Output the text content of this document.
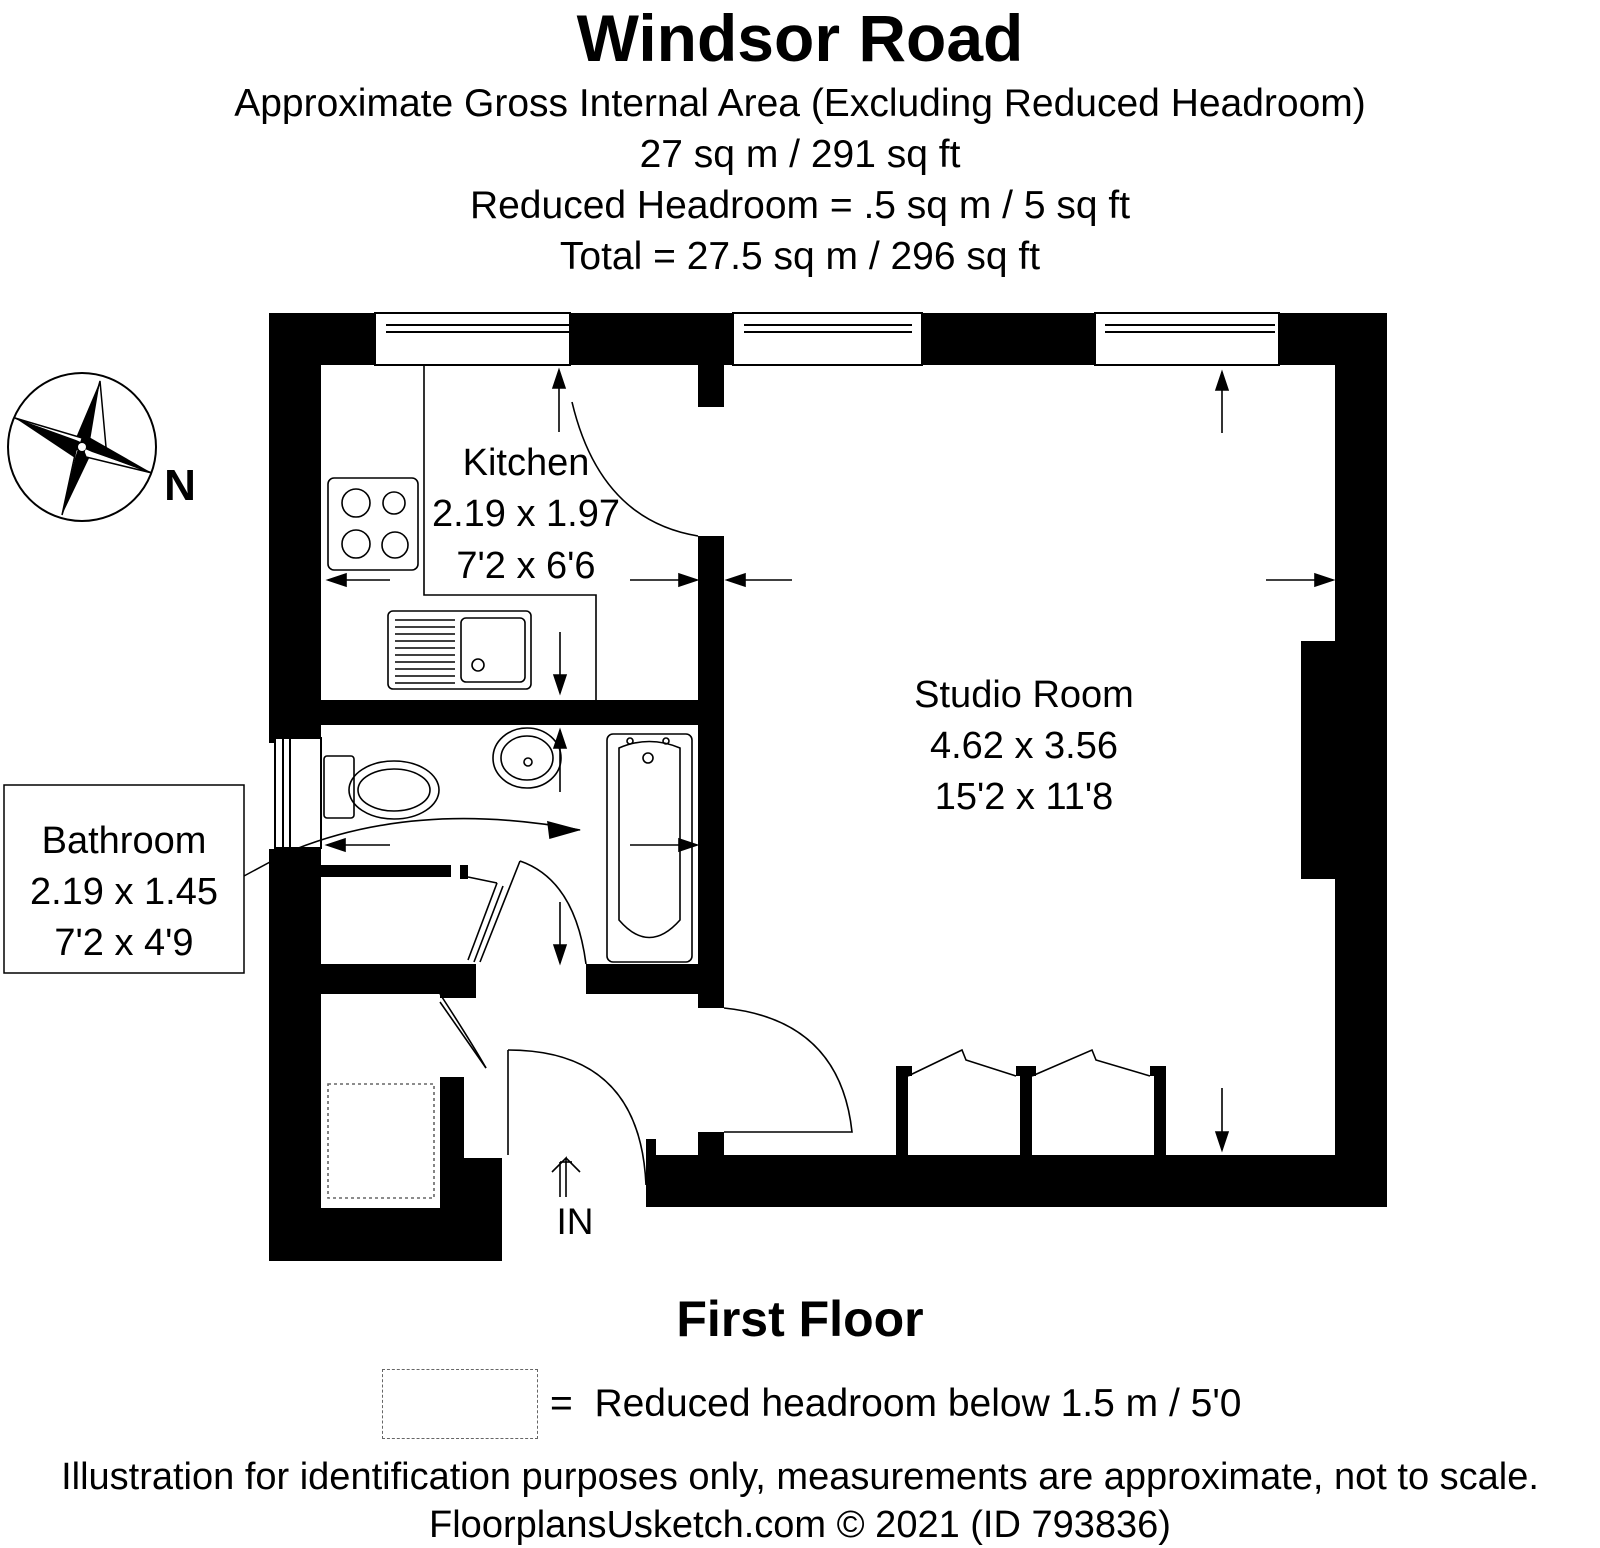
Windsor Road
Approximate Gross Internal Area (Excluding Reduced Headroom)
27 sq m / 291 sq ft
Reduced Headroom = .5 sq m / 5 sq ft
Total = 27.5 sq m / 296 sq ft
N
IN
Kitchen
2.19 x 1.97
7'2 x 6'6
Studio Room
4.62 x 3.56
15'2 x 11'8
Bathroom
2.19 x 1.45
7'2 x 4'9
First Floor
=  Reduced headroom below 1.5 m / 5'0
Illustration for identification purposes only, measurements are approximate, not to scale.
FloorplansUsketch.com © 2021 (ID 793836)
